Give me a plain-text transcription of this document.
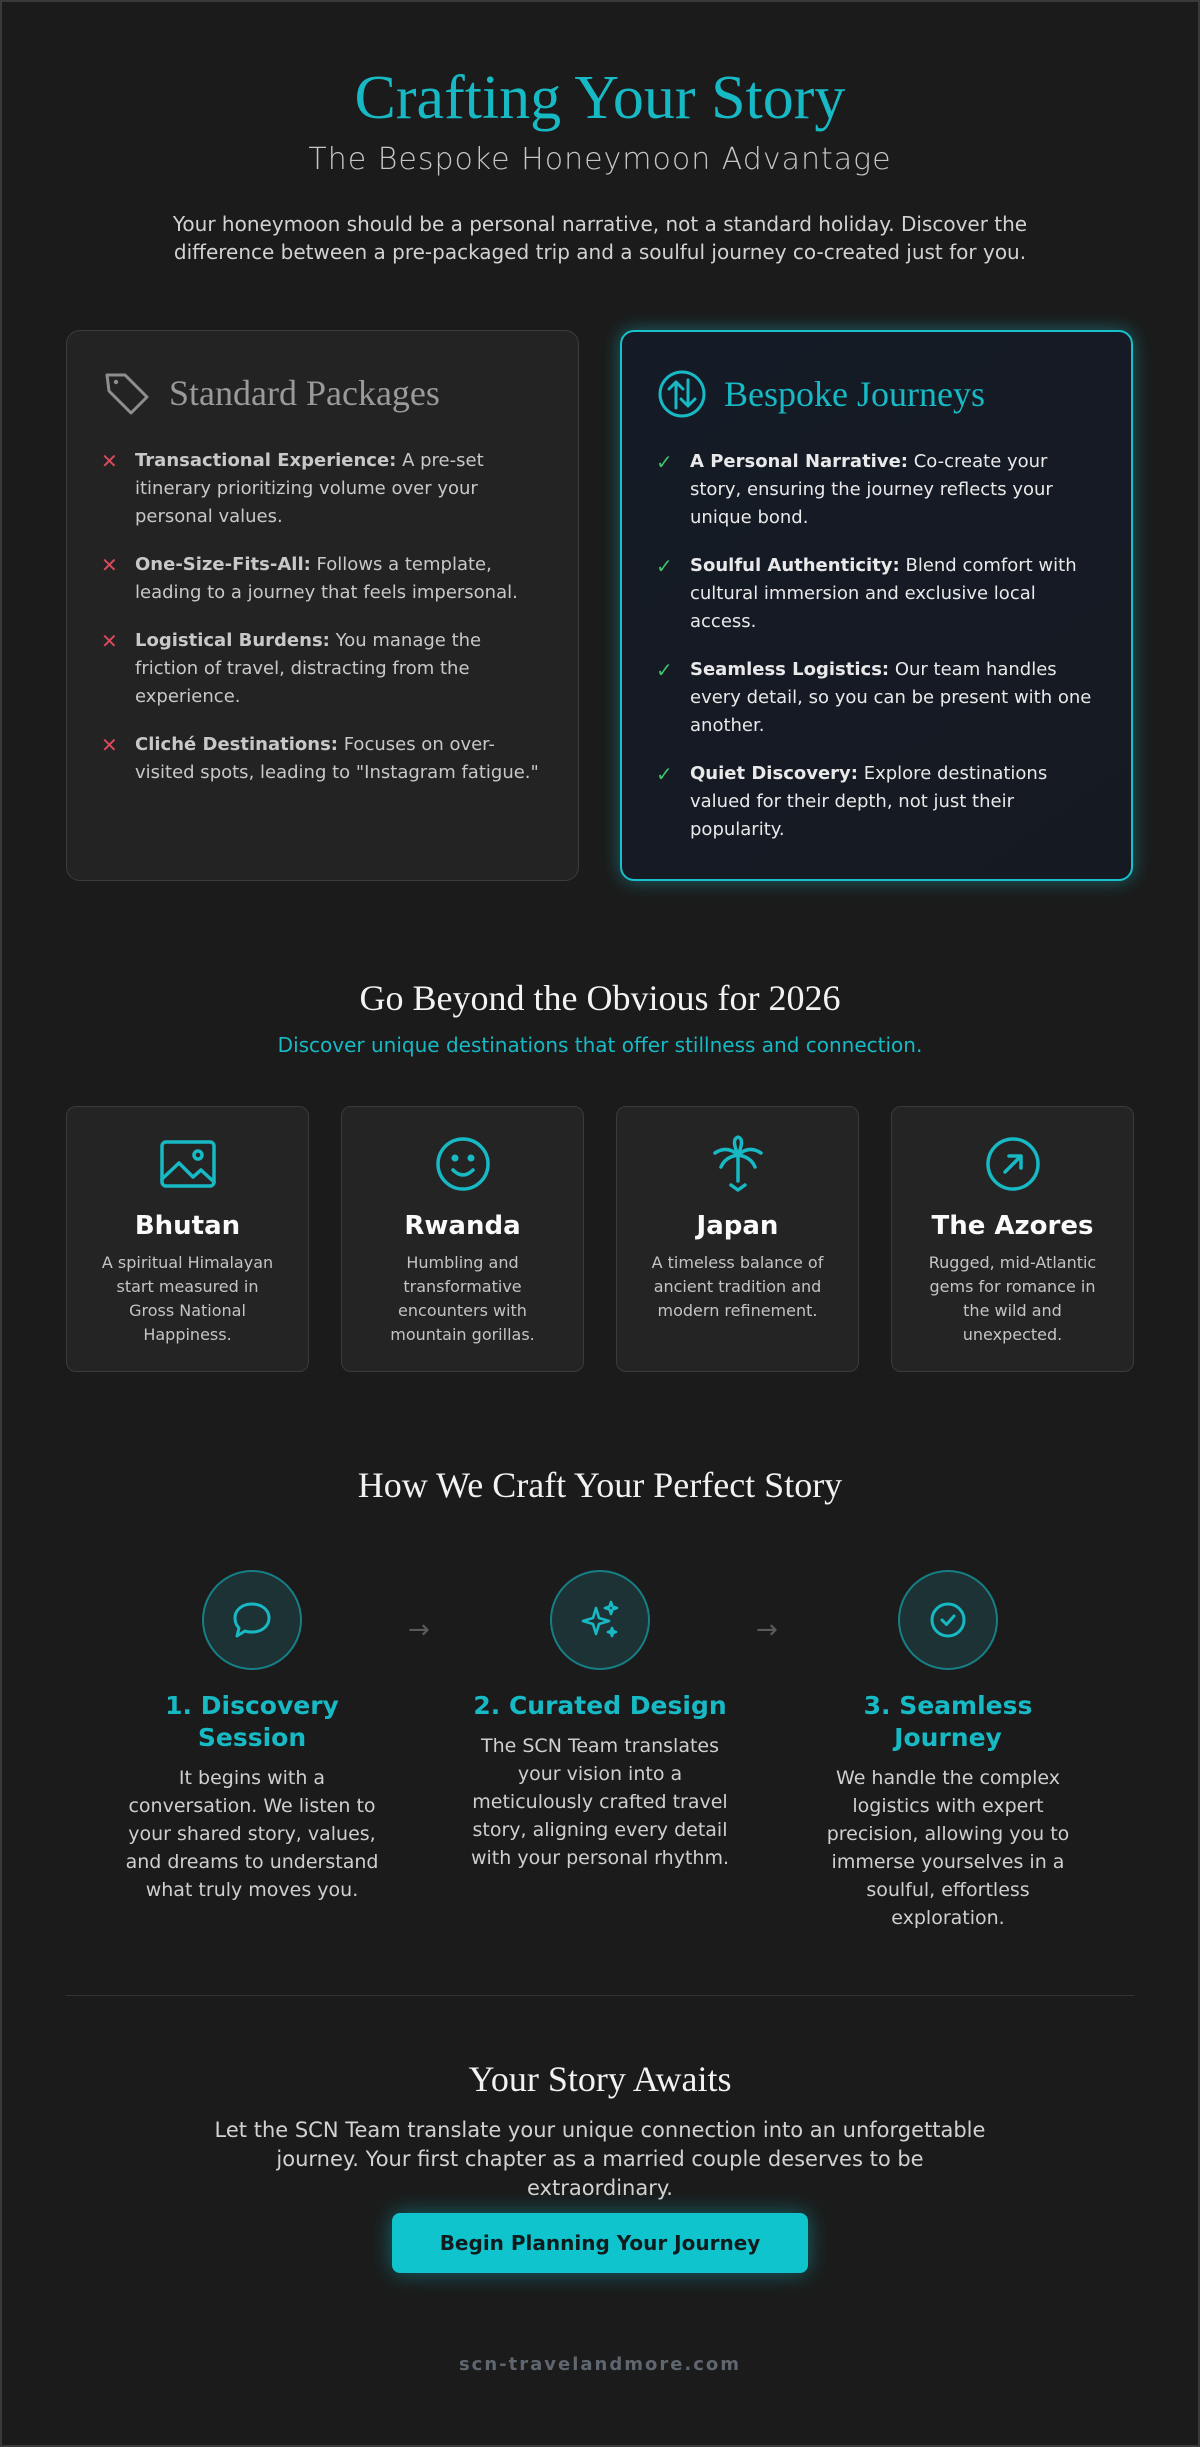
Crafting Your Story
The Bespoke Honeymoon Advantage

Your honeymoon should be a personal narrative, not a standard holiday. Discover the difference between a pre-packaged trip and a soulful journey co-created just for you.

Standard Packages
✕ Transactional Experience: A pre-set itinerary prioritizing volume over your personal values.
✕ One-Size-Fits-All: Follows a template, leading to a journey that feels impersonal.
✕ Logistical Burdens: You manage the friction of travel, distracting from the experience.
✕ Cliché Destinations: Focuses on over-visited spots, leading to "Instagram fatigue."
Bespoke Journeys
✓ A Personal Narrative: Co-create your story, ensuring the journey reflects your unique bond.
✓ Soulful Authenticity: Blend comfort with cultural immersion and exclusive local access.
✓ Seamless Logistics: Our team handles every detail, so you can be present with one another.
✓ Quiet Discovery: Explore destinations valued for their depth, not just their popularity.
Go Beyond the Obvious for 2026

Discover unique destinations that offer stillness and connection.

Bhutan

A spiritual Himalayan start measured in Gross National Happiness.

Rwanda

Humbling and transformative encounters with mountain gorillas.

Japan

A timeless balance of ancient tradition and modern refinement.

The Azores

Rugged, mid-Atlantic gems for romance in the wild and unexpected.

How We Craft Your Perfect Story
1. Discovery Session

It begins with a conversation. We listen to your shared story, values, and dreams to understand what truly moves you.

→
2. Curated Design

The SCN Team translates your vision into a meticulously crafted travel story, aligning every detail with your personal rhythm.

→
3. Seamless Journey

We handle the complex logistics with expert precision, allowing you to immerse yourselves in a soulful, effortless exploration.

Your Story Awaits

Let the SCN Team translate your unique connection into an unforgettable journey. Your first chapter as a married couple deserves to be extraordinary.

Begin Planning Your Journey
scn-travelandmore.com
